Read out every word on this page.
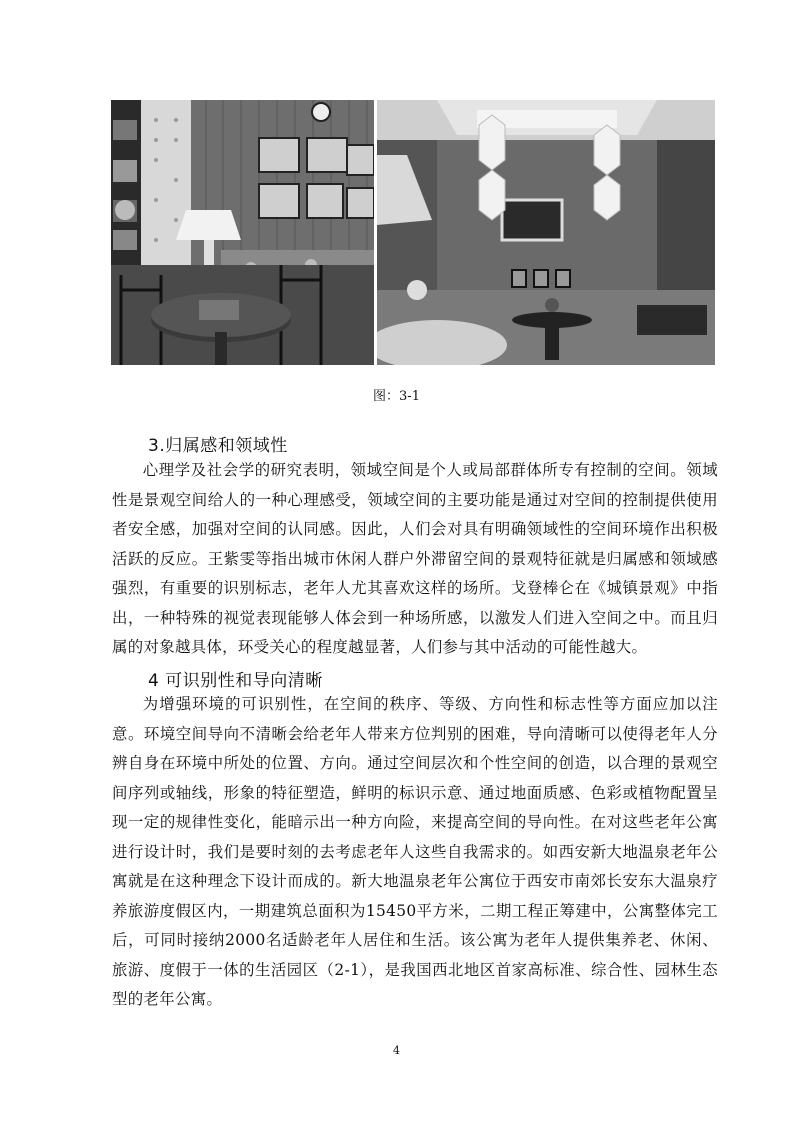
图：3-1
3.归属感和领域性

心理学及社会学的研究表明，领域空间是个人或局部群体所专有控制的空间。领域性是景观空间给人的一种心理感受，领域空间的主要功能是通过对空间的控制提供使用者安全感，加强对空间的认同感。因此，人们会对具有明确领域性的空间环境作出积极活跃的反应。王紫雯等指出城市休闲人群户外滞留空间的景观特征就是归属感和领域感强烈，有重要的识别标志，老年人尤其喜欢这样的场所。戈登棒仑在《城镇景观》中指出，一种特殊的视觉表现能够人体会到一种场所感，以激发人们进入空间之中。而且归属的对象越具体，环受关心的程度越显著，人们参与其中活动的可能性越大。

4 可识别性和导向清晰

为增强环境的可识别性，在空间的秩序、等级、方向性和标志性等方面应加以注意。环境空间导向不清晰会给老年人带来方位判别的困难，导向清晰可以使得老年人分辨自身在环境中所处的位置、方向。通过空间层次和个性空间的创造，以合理的景观空间序列或轴线，形象的特征塑造，鲜明的标识示意、通过地面质感、色彩或植物配置呈现一定的规律性变化，能暗示出一种方向险，来提高空间的导向性。在对这些老年公寓进行设计时，我们是要时刻的去考虑老年人这些自我需求的。如西安新大地温泉老年公寓就是在这种理念下设计而成的。新大地温泉老年公寓位于西安市南郊长安东大温泉疗养旅游度假区内，一期建筑总面积为15450平方米，二期工程正筹建中，公寓整体完工后，可同时接纳2000名适龄老年人居住和生活。该公寓为老年人提供集养老、休闲、旅游、度假于一体的生活园区（2-1），是我国西北地区首家高标准、综合性、园林生态型的老年公寓。

4
